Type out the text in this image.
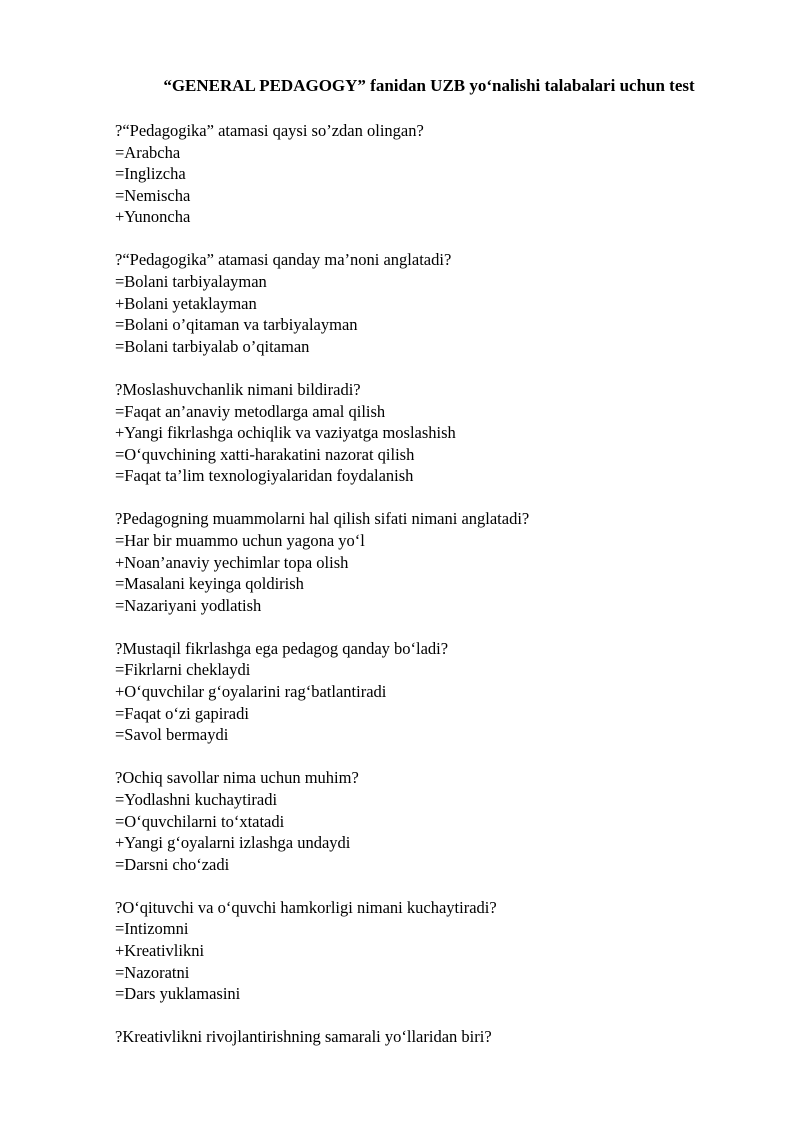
“GENERAL PEDAGOGY” fanidan UZB yo‘nalishi talabalari uchun test
?“Pedagogika” atamasi qaysi so’zdan olingan?
=Arabcha
=Inglizcha
=Nemischa
+Yunoncha
?“Pedagogika” atamasi qanday ma’noni anglatadi?
=Bolani tarbiyalayman
+Bolani yetaklayman
=Bolani o’qitaman va tarbiyalayman
=Bolani tarbiyalab o’qitaman
?Moslashuvchanlik nimani bildiradi?
=Faqat an’anaviy metodlarga amal qilish
+Yangi fikrlashga ochiqlik va vaziyatga moslashish
=O‘quvchining xatti-harakatini nazorat qilish
=Faqat ta’lim texnologiyalaridan foydalanish
?Pedagogning muammolarni hal qilish sifati nimani anglatadi?
=Har bir muammo uchun yagona yo‘l
+Noan’anaviy yechimlar topa olish
=Masalani keyinga qoldirish
=Nazariyani yodlatish
?Mustaqil fikrlashga ega pedagog qanday bo‘ladi?
=Fikrlarni cheklaydi
+O‘quvchilar g‘oyalarini rag‘batlantiradi
=Faqat o‘zi gapiradi
=Savol bermaydi
?Ochiq savollar nima uchun muhim?
=Yodlashni kuchaytiradi
=O‘quvchilarni to‘xtatadi
+Yangi g‘oyalarni izlashga undaydi
=Darsni cho‘zadi
?O‘qituvchi va o‘quvchi hamkorligi nimani kuchaytiradi?
=Intizomni
+Kreativlikni
=Nazoratni
=Dars yuklamasini
?Kreativlikni rivojlantirishning samarali yo‘llaridan biri?
